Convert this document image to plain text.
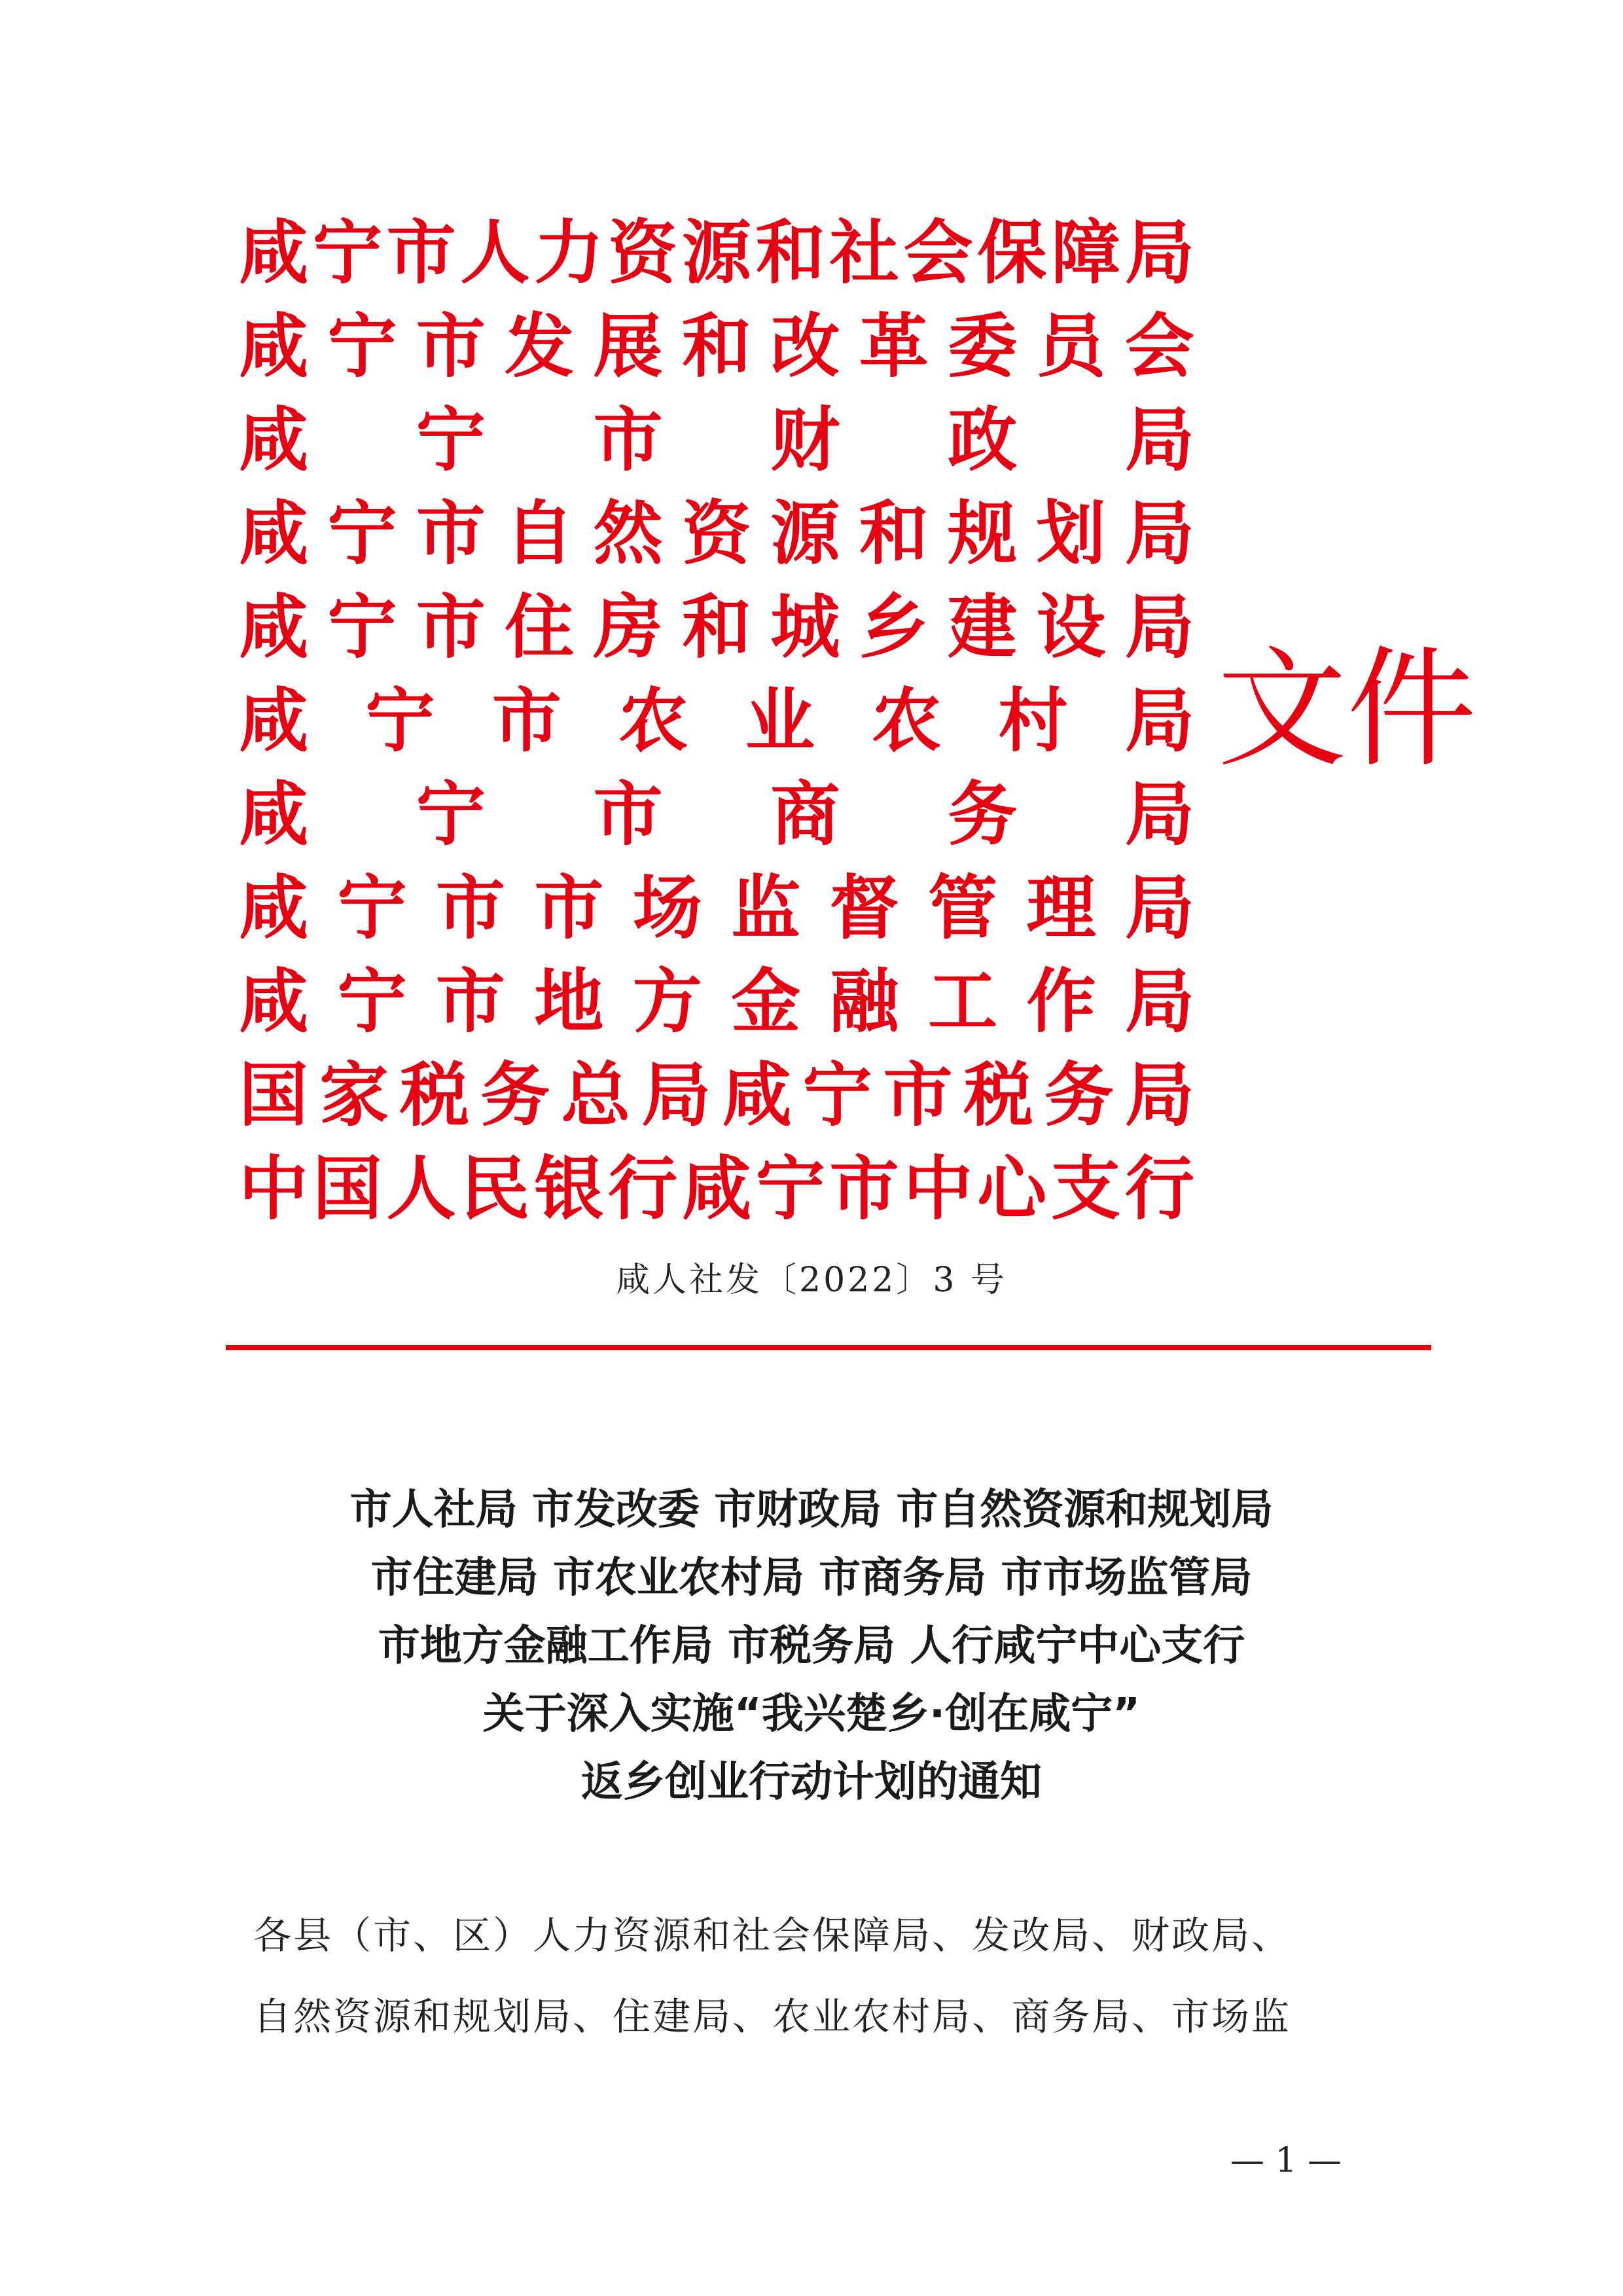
咸 宁 市 人 力 资 源 和 社 会 保 障 局
咸 宁 市 发 展 和 改 革 委 员 会
咸 宁 市 财 政 局
咸 宁 市 自 然 资 源 和 规 划 局
咸 宁 市 住 房 和 城 乡 建 设 局
咸 宁 市 农 业 农 村 局
咸 宁 市 商 务 局
咸 宁 市 市 场 监 督 管 理 局
咸 宁 市 地 方 金 融 工 作 局
国 家 税 务 总 局 咸 宁 市 税 务 局
中 国 人 民 银 行 咸 宁 市 中 心 支 行
文件
咸人社发〔2022〕3 号
市人社局 市发改委 市财政局 市自然资源和规划局
市住建局 市农业农村局 市商务局 市市场监管局
市地方金融工作局 市税务局 人行咸宁中心支行
关于深入实施“我兴楚乡·创在咸宁”
返乡创业行动计划的通知
各县（市、区）人力资源和社会保障局、发改局、财政局、
自然资源和规划局、住建局、农业农村局、商务局、市场监
— 1 —
